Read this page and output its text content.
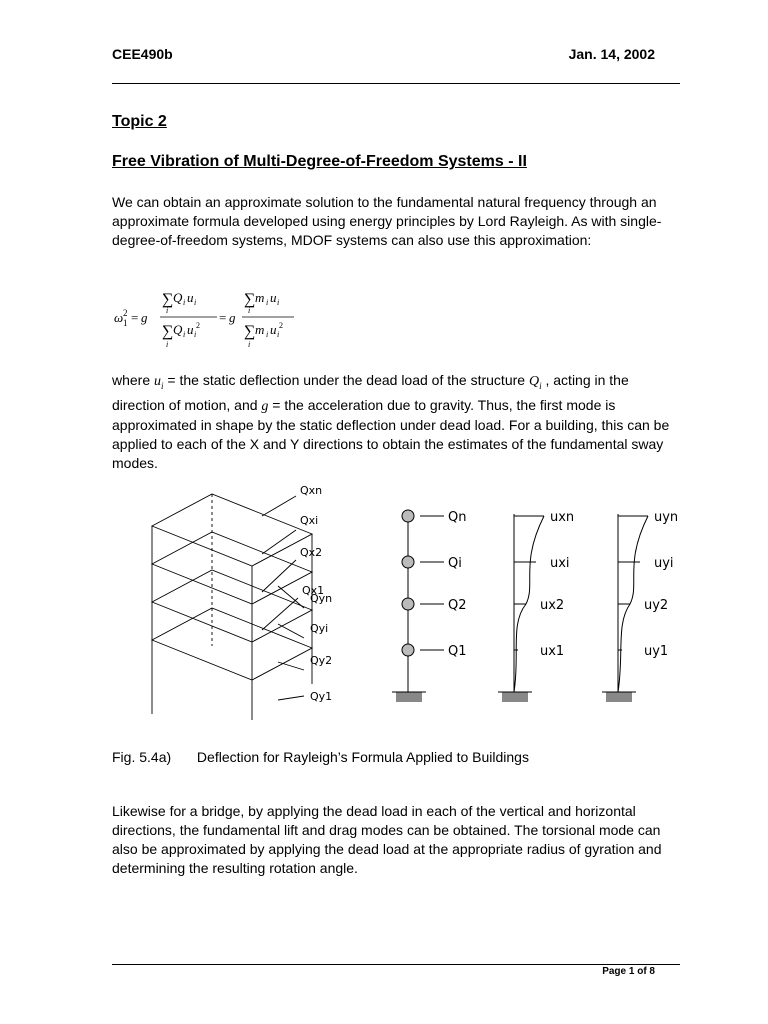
CEE490b	Jan. 14, 2002
Topic 2
Free Vibration of Multi-Degree-of-Freedom Systems - II

We can obtain an approximate solution to the fundamental natural frequency through an approximate formula developed using energy principles by Lord Rayleigh. As with single-degree-of-freedom systems, MDOF systems can also use this approximation:

ω 2
1 = g
∑ Q i u i
i
∑ Q i u i
2
i
= g
∑ m i u i
i
∑ m i u i
2
i

where $u_i$ = the static deflection under the dead load of the structure $Q_i$ , acting in the direction of motion, and g = the acceleration due to gravity. Thus, the first mode is approximated in shape by the static deflection under dead load. For a building, this can be applied to each of the X and Y directions to obtain the estimates of the fundamental sway modes.

Qxn
Qxi
Qx2
Qx1
Qyn
Qyi
Qy2
Qy1
Qn
Qi
Q2
Q1
uxn
uxi
ux2
ux1
uyn
uyi
uy2
uy1
Fig. 5.4a) Deflection for Rayleigh’s Formula Applied to Buildings

Likewise for a bridge, by applying the dead load in each of the vertical and horizontal directions, the fundamental lift and drag modes can be obtained. The torsional mode can also be approximated by applying the dead load at the appropriate radius of gyration and determining the resulting rotation angle.

Page 1 of 8
